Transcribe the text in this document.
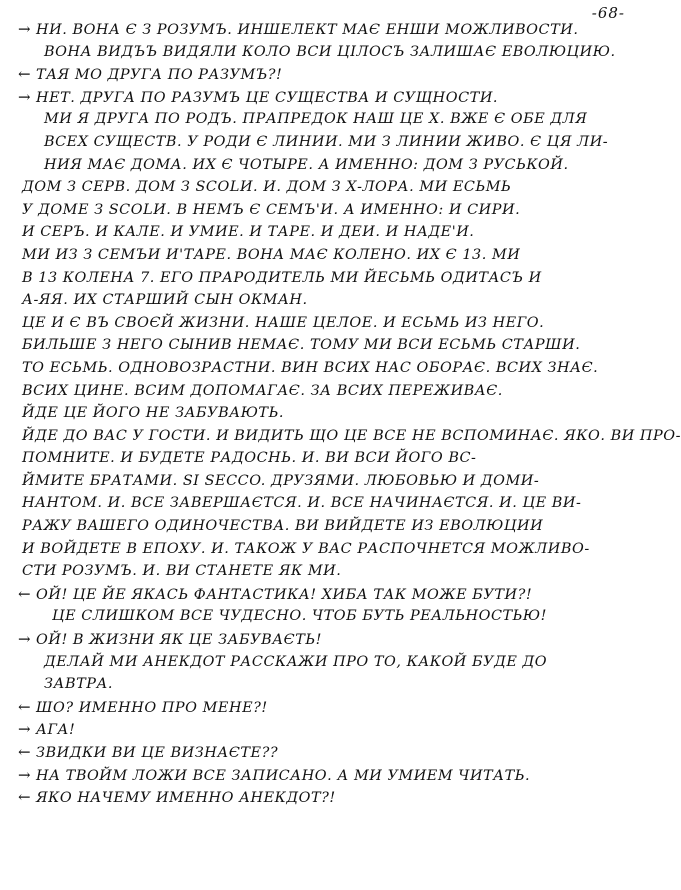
-68-
→ НИ. ВОНА Є З РОЗУМЪ. ИНШЕЛЕКТ МАЄ ЕНШИ МОЖЛИВОСТИ.
ВОНА ВИДЪЪ ВИДЯЛИ КОЛО ВСИ ЦІЛОСЪ ЗАЛИШАЄ ЕВОЛЮЦИЮ.
← ТАЯ МО ДРУГА ПО РАЗУМЪ?!
→ НЕТ. ДРУГА ПО РАЗУМЪ ЦЕ СУЩЕСТВА И СУЩНОСТИ.
МИ Я ДРУГА ПО РОДЪ. ПРАПРЕДОК НАШ ЦЕ Х. ВЖЕ Є ОБЕ ДЛЯ
ВСЕХ СУЩЕСТВ. У РОДИ Є ЛИНИИ. МИ З ЛИНИИ ЖИВО. Є ЦЯ ЛИ-
НИЯ МАЄ ДОМА. ИХ Є ЧОТЫРЕ. А ИМЕННО: ДОМ З РУСЬКОЙ.
ДОМ З СЕРВ. ДОМ З SCOLИ. И. ДОМ З Х-ЛОРА. МИ ЕСЬМЬ
У ДОМЕ З SCOLИ. В НЕМЪ Є СЕМЪ'И. А ИМЕННО: И СИРИ.
И СЕРЪ. И КАЛЕ. И УМИЕ. И ТАРЕ. И ДЕИ. И НАДЕ'И.
МИ ИЗ З СЕМЪИ И'ТАРЕ. ВОНА МАЄ КОЛЕНО. ИХ Є 13. МИ
В 13 КОЛЕНА 7. ЕГО ПРАРОДИТЕЛЬ МИ ЙЕСЬМЬ ОДИТАСЪ И
А-ЯЯ. ИХ СТАРШИЙ СЫН ОКМАН.
ЦЕ И Є ВЪ СВОЄЙ ЖИЗНИ. НАШЕ ЦЕЛОЕ. И ЕСЬМЬ ИЗ НЕГО.
БИЛЬШЕ З НЕГО СЫНИВ НЕМАЄ. ТОМУ МИ ВСИ ЕСЬМЬ СТАРШИ.
ТО ЕСЬМЬ. ОДНОВОЗРАСТНИ. ВИН ВСИХ НАС ОБОРАЄ. ВСИХ ЗНАЄ.
ВСИХ ЦИНЕ. ВСИМ ДОПОМАГАЄ. ЗА ВСИХ ПЕРЕЖИВАЄ.
ЙДЕ ЦЕ ЙОГО НЕ ЗАБУВАЮТЬ.
ЙДЕ ДО ВАС У ГОСТИ. И ВИДИТЬ ЩО ЦЕ ВСЕ НЕ ВСПОМИНАЄ. ЯКО. ВИ ПРО-
ПОМНИТЕ. И БУДЕТЕ РАДОСНЬ. И. ВИ ВСИ ЙОГО ВС-
ЙМИТЕ БРАТАМИ. SI SECCO. ДРУЗЯМИ. ЛЮБОВЬЮ И ДОМИ-
НАНТОМ. И. ВСЕ ЗАВЕРШАЄТСЯ. И. ВСЕ НАЧИНАЄТСЯ. И. ЦЕ ВИ-
РАЖУ ВАШЕГО ОДИНОЧЕСТВА. ВИ ВИЙДЕТЕ ИЗ ЕВОЛЮЦИИ
И ВОЙДЕТЕ В ЕПОХУ. И. ТАКОЖ У ВАС РАСПОЧНЕТСЯ МОЖЛИВО-
СТИ РОЗУМЪ. И. ВИ СТАНЕТЕ ЯК МИ.
← ОЙ! ЦЕ ЙЕ ЯКАСЬ ФАНТАСТИКА! ХИБА ТАК МОЖЕ БУТИ?!
ЦЕ СЛИШКОМ ВСЕ ЧУДЕСНО. ЧТОБ БУТЬ РЕАЛЬНОСТЬЮ!
→ ОЙ! В ЖИЗНИ ЯК ЦЕ ЗАБУВАЄТЬ!
ДЕЛАЙ МИ АНЕКДОТ РАССКАЖИ ПРО ТО, КАКОЙ БУДЕ ДО
ЗАВТРА.
← ШО? ИМЕННО ПРО МЕНЕ?!
→ АГА!
← ЗВИДКИ ВИ ЦЕ ВИЗНАЄТЕ??
→ НА ТВОЙМ ЛОЖИ ВСЕ ЗАПИСАНО. А МИ УМИЕМ ЧИТАТЬ.
← ЯКО НАЧЕМУ ИМЕННО АНЕКДОТ?!
